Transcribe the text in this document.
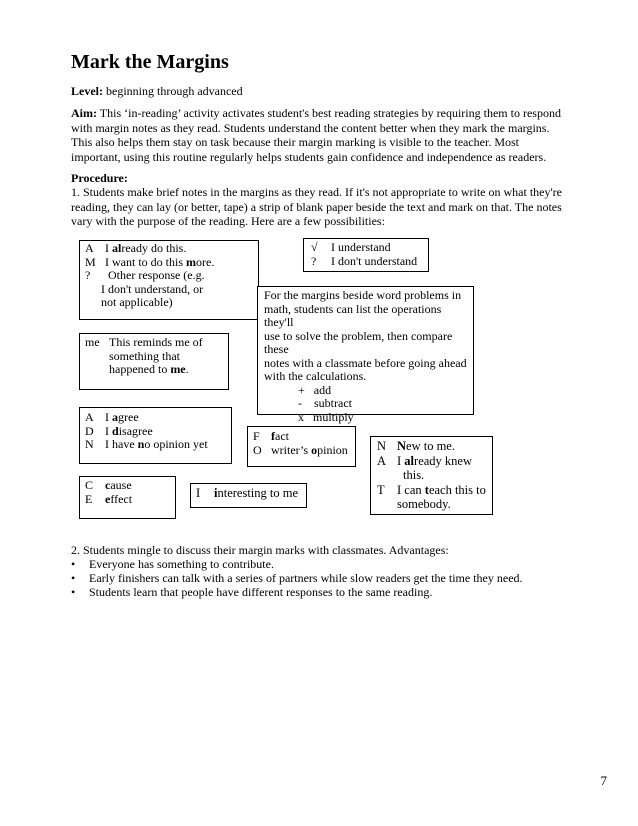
Mark the Margins

Level: beginning through advanced

Aim: This ‘in-reading’ activity activates student's best reading strategies by requiring them to respond with margin notes as they read. Students understand the content better when they mark the margins. This also helps them stay on task because their margin marking is visible to the teacher. Most important, using this routine regularly helps students gain confidence and independence as readers.

Procedure:

1. Students make brief notes in the margins as they read. If it's not appropriate to write on what they're reading, they can lay (or better, tape) a strip of blank paper beside the text and mark on that. The notes vary with the purpose of the reading. Here are a few possibilities:

A I already do this.

M I want to do this more.

? Other response (e.g.

I don't understand, or

not applicable)

√ I understand

? I don't understand

For the margins beside word problems in

math, students can list the operations they'll

use to solve the problem, then compare these

notes with a classmate before going ahead

with the calculations.

+   add

-    subtract

x   multiply

me This reminds me of

something that

happened to me.

A I agree

D I disagree

N I have no opinion yet

F fact

O writer’s opinion	N New to me.

A I already knew

this.

T I can teach this to

somebody.

C cause

E effect	I interesting to me

2. Students mingle to discuss their margin marks with classmates. Advantages:

• Everyone has something to contribute.
• Early finishers can talk with a series of partners while slow readers get the time they need.
• Students learn that people have different responses to the same reading.
7
